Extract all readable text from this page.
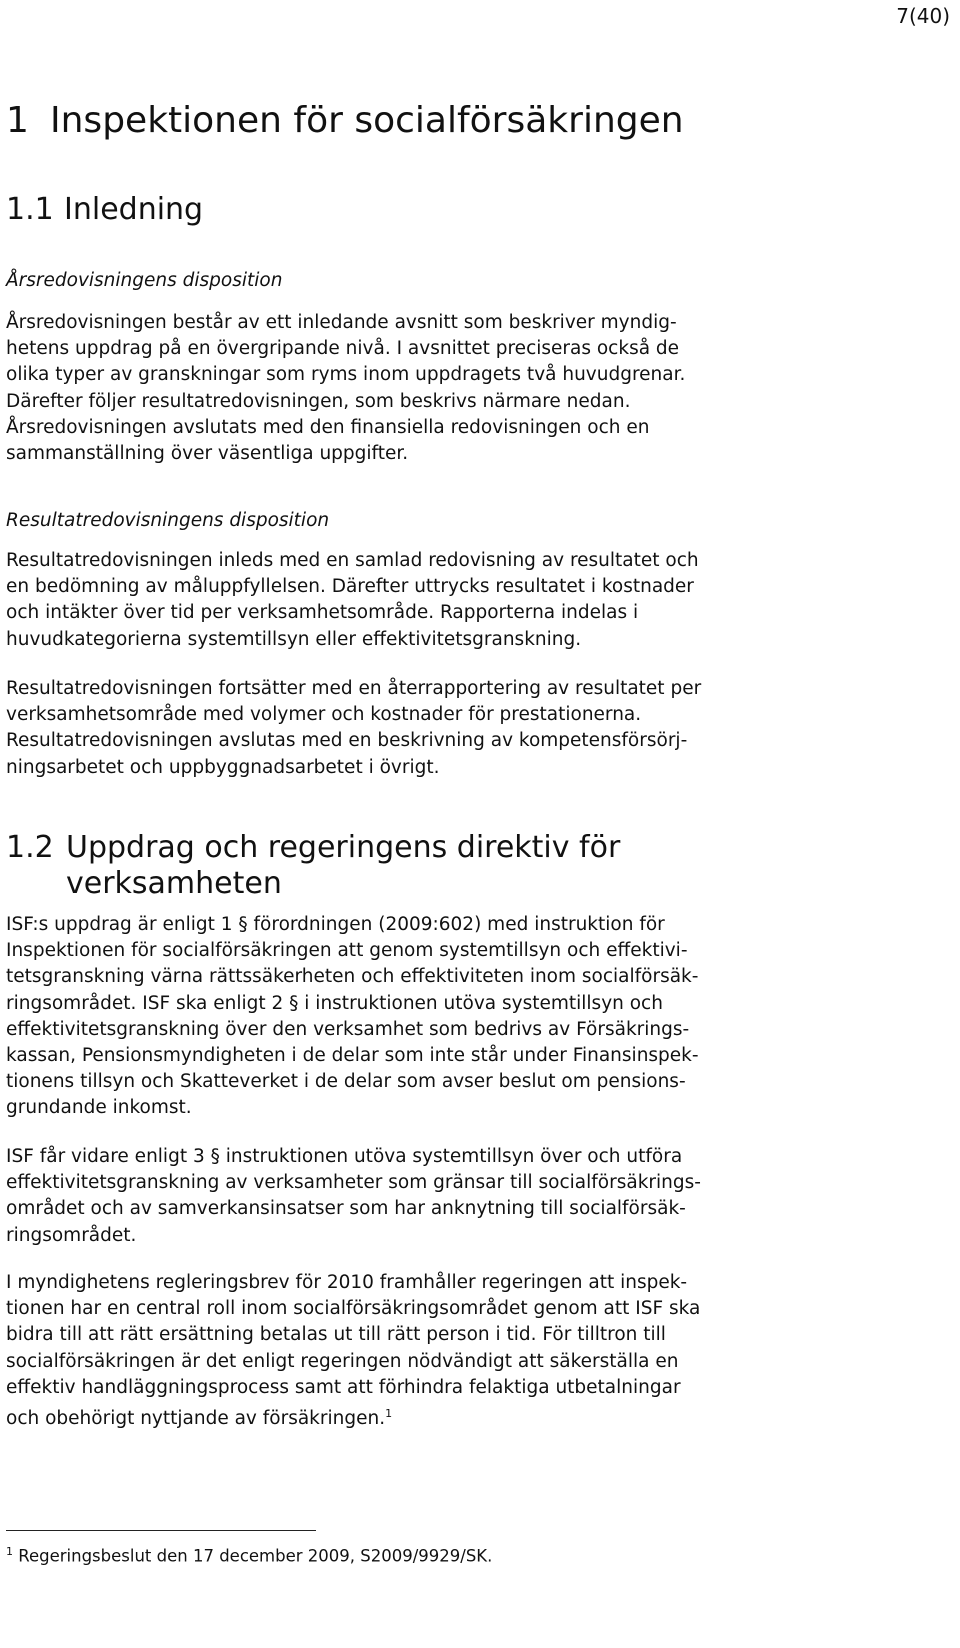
7(40)
1 Inspektionen för socialförsäkringen
1.1 Inledning

Årsredovisningens disposition

Årsredovisningen består av ett inledande avsnitt som beskriver myndig-
hetens uppdrag på en övergripande nivå. I avsnittet preciseras också de
olika typer av granskningar som ryms inom uppdragets två huvudgrenar.
Därefter följer resultatredovisningen, som beskrivs närmare nedan.
Årsredovisningen avslutats med den finansiella redovisningen och en
sammanställning över väsentliga uppgifter.

Resultatredovisningens disposition

Resultatredovisningen inleds med en samlad redovisning av resultatet och
en bedömning av måluppfyllelsen. Därefter uttrycks resultatet i kostnader
och intäkter över tid per verksamhetsområde. Rapporterna indelas i
huvudkategorierna systemtillsyn eller effektivitetsgranskning.
Resultatredovisningen fortsätter med en återrapportering av resultatet per
verksamhetsområde med volymer och kostnader för prestationerna.
Resultatredovisningen avslutas med en beskrivning av kompetensförsörj-
ningsarbetet och uppbyggnadsarbetet i övrigt.
1.2 Uppdrag och regeringens direktiv för
verksamheten
ISF:s uppdrag är enligt 1 § förordningen (2009:602) med instruktion för
Inspektionen för socialförsäkringen att genom systemtillsyn och effektivi-
tetsgranskning värna rättssäkerheten och effektiviteten inom socialförsäk-
ringsområdet. ISF ska enligt 2 § i instruktionen utöva systemtillsyn och
effektivitetsgranskning över den verksamhet som bedrivs av Försäkrings-
kassan, Pensionsmyndigheten i de delar som inte står under Finansinspek-
tionens tillsyn och Skatteverket i de delar som avser beslut om pensions-
grundande inkomst.
ISF får vidare enligt 3 § instruktionen utöva systemtillsyn över och utföra
effektivitetsgranskning av verksamheter som gränsar till socialförsäkrings-
området och av samverkansinsatser som har anknytning till socialförsäk-
ringsområdet.
I myndighetens regleringsbrev för 2010 framhåller regeringen att inspek-
tionen har en central roll inom socialförsäkringsområdet genom att ISF ska
bidra till att rätt ersättning betalas ut till rätt person i tid. För tilltron till
socialförsäkringen är det enligt regeringen nödvändigt att säkerställa en
effektiv handläggningsprocess samt att förhindra felaktiga utbetalningar
och obehörigt nyttjande av försäkringen.$^1$
$^1$ Regeringsbeslut den 17 december 2009, S2009/9929/SK.
